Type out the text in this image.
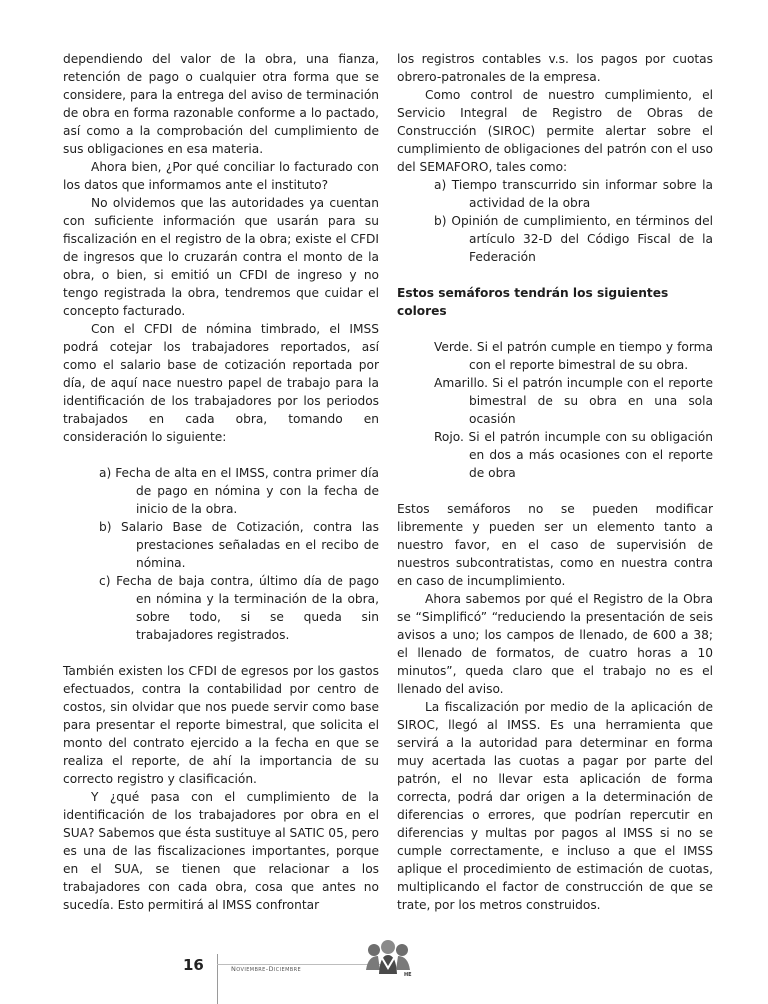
dependiendo del valor de la obra, una fianza, retención de pago o cualquier otra forma que se considere, para la entrega del aviso de terminación de obra en forma razonable conforme a lo pactado, así como a la comprobación del cumplimiento de sus obligaciones en esa materia.

Ahora bien, ¿Por qué conciliar lo facturado con los datos que informamos ante el instituto?

No olvidemos que las autoridades ya cuentan con suficiente información que usarán para su fiscalización en el registro de la obra; existe el CFDI de ingresos que lo cruzarán contra el monto de la obra, o bien, si emitió un CFDI de ingreso y no tengo registrada la obra, tendremos que cuidar el concepto facturado.

Con el CFDI de nómina timbrado, el IMSS podrá cotejar los trabajadores reportados, así como el salario base de cotización reportada por día, de aquí nace nuestro papel de trabajo para la identificación de los trabajadores por los periodos trabajados en cada obra, tomando en consideración lo siguiente:

a) Fecha de alta en el IMSS, contra primer día de pago en nómina y con la fecha de inicio de la obra.
b) Salario Base de Cotización, contra las prestaciones señaladas en el recibo de nómina.
c) Fecha de baja contra, último día de pago en nómina y la terminación de la obra, sobre todo, si se queda sin trabajadores registrados.

También existen los CFDI de egresos por los gastos efectuados, contra la contabilidad por centro de costos, sin olvidar que nos puede servir como base para presentar el reporte bimestral, que solicita el monto del contrato ejercido a la fecha en que se realiza el reporte, de ahí la importancia de su correcto registro y clasificación.

Y ¿qué pasa con el cumplimiento de la identificación de los trabajadores por obra en el SUA? Sabemos que ésta sustituye al SATIC 05, pero es una de las fiscalizaciones importantes, porque en el SUA, se tienen que relacionar a los trabajadores con cada obra, cosa que antes no sucedía. Esto permitirá al IMSS confrontar

los registros contables v.s. los pagos por cuotas obrero-patronales de la empresa.

Como control de nuestro cumplimiento, el Servicio Integral de Registro de Obras de Construcción (SIROC) permite alertar sobre el cumplimiento de obligaciones del patrón con el uso del SEMAFORO, tales como:

a) Tiempo transcurrido sin informar sobre la actividad de la obra
b) Opinión de cumplimiento, en términos del artículo 32-D del Código Fiscal de la Federación

Estos semáforos tendrán los siguientes colores

Verde. Si el patrón cumple en tiempo y forma con el reporte bimestral de su obra.
Amarillo. Si el patrón incumple con el reporte bimestral de su obra en una sola ocasión
Rojo. Si el patrón incumple con su obligación en dos a más ocasiones con el reporte de obra

Estos semáforos no se pueden modificar libremente y pueden ser un elemento tanto a nuestro favor, en el caso de supervisión de nuestros subcontratistas, como en nuestra contra en caso de incumplimiento.

Ahora sabemos por qué el Registro de la Obra se “Simplificó” “reduciendo la presentación de seis avisos a uno; los campos de llenado, de 600 a 38; el llenado de formatos, de cuatro horas a 10 minutos”, queda claro que el trabajo no es el llenado del aviso.

La fiscalización por medio de la aplicación de SIROC, llegó al IMSS. Es una herramienta que servirá a la autoridad para determinar en forma muy acertada las cuotas a pagar por parte del patrón, el no llevar esta aplicación de forma correcta, podrá dar origen a la determinación de diferencias o errores, que podrían repercutir en diferencias y multas por pagos al IMSS si no se cumple correctamente, e incluso a que el IMSS aplique el procedimiento de estimación de cuotas, multiplicando el factor de construcción de que se trate, por los metros construidos.

16	Noviembre-Diciembre
HE
